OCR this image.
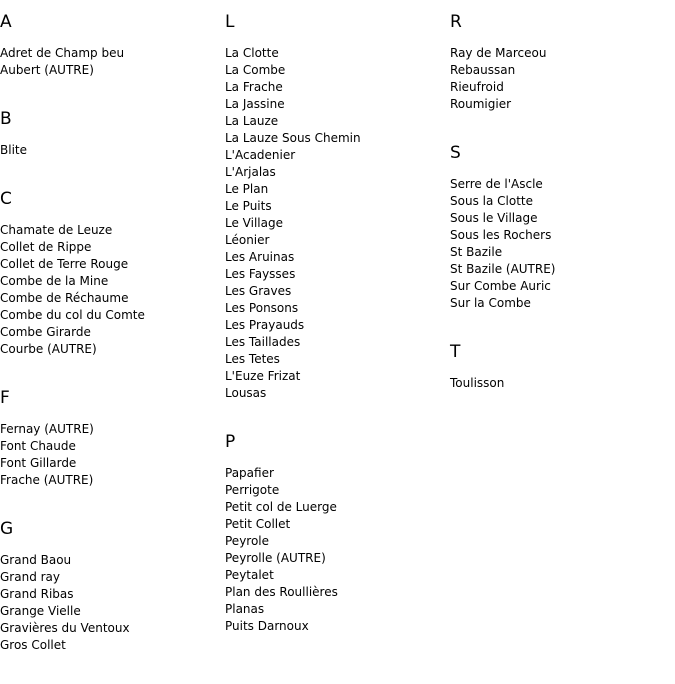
A
Adret de Champ beu
Aubert (AUTRE)
B
Blite
C
Chamate de Leuze
Collet de Rippe
Collet de Terre Rouge
Combe de la Mine
Combe de Réchaume
Combe du col du Comte
Combe Girarde
Courbe (AUTRE)
F
Fernay (AUTRE)
Font Chaude
Font Gillarde
Frache (AUTRE)
G
Grand Baou
Grand ray
Grand Ribas
Grange Vielle
Gravières du Ventoux
Gros Collet
L
La Clotte
La Combe
La Frache
La Jassine
La Lauze
La Lauze Sous Chemin
L'Acadenier
L'Arjalas
Le Plan
Le Puits
Le Village
Léonier
Les Aruinas
Les Faysses
Les Graves
Les Ponsons
Les Prayauds
Les Taillades
Les Tetes
L'Euze Frizat
Lousas
P
Papafier
Perrigote
Petit col de Luerge
Petit Collet
Peyrole
Peyrolle (AUTRE)
Peytalet
Plan des Roullières
Planas
Puits Darnoux
R
Ray de Marceou
Rebaussan
Rieufroid
Roumigier
S
Serre de l'Ascle
Sous la Clotte
Sous le Village
Sous les Rochers
St Bazile
St Bazile (AUTRE)
Sur Combe Auric
Sur la Combe
T
Toulisson
